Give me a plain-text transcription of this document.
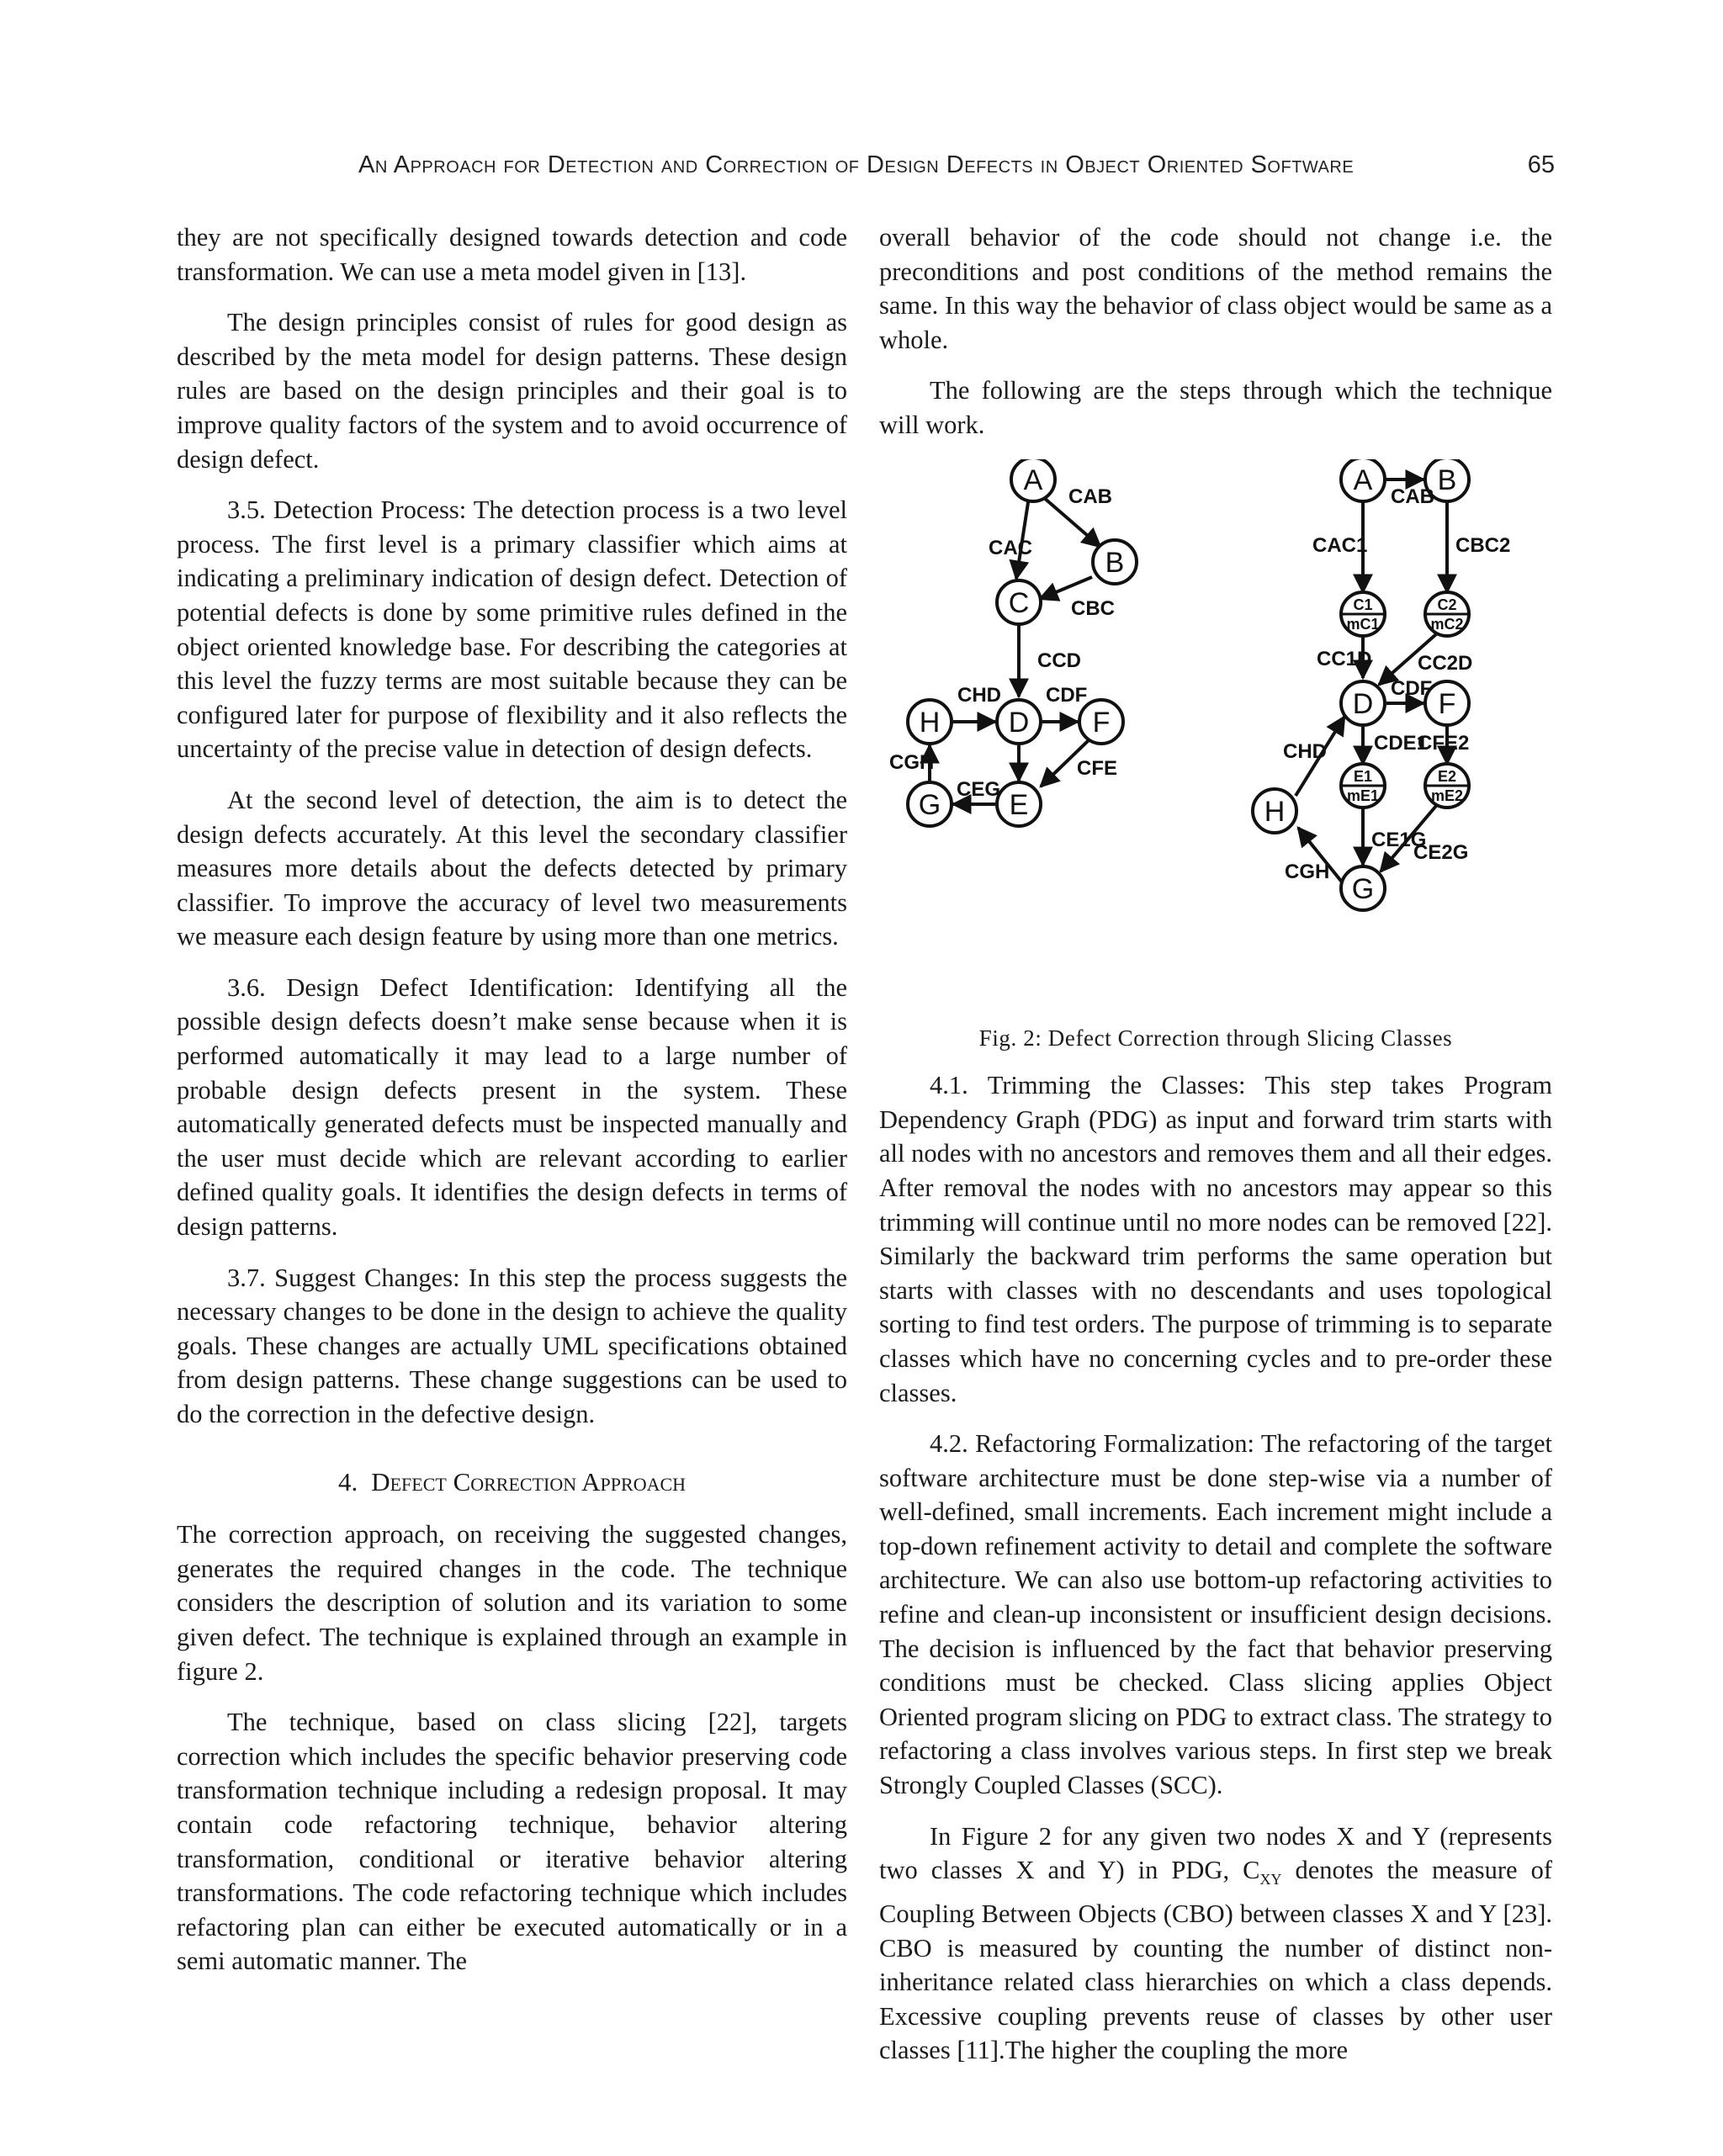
An Approach for Detection and Correction of Design Defects in Object Oriented Software	65

they are not specifically designed towards detection and code transformation. We can use a meta model given in [13].

The design principles consist of rules for good design as described by the meta model for design patterns. These design rules are based on the design principles and their goal is to improve quality factors of the system and to avoid occurrence of design defect.

3.5. Detection Process: The detection process is a two level process. The first level is a primary classifier which aims at indicating a preliminary indication of design defect. Detection of potential defects is done by some primitive rules defined in the object oriented knowledge base. For describing the categories at this level the fuzzy terms are most suitable because they can be configured later for purpose of flexibility and it also reflects the uncertainty of the precise value in detection of design defects.

At the second level of detection, the aim is to detect the design defects accurately. At this level the secondary classifier measures more details about the defects detected by primary classifier. To improve the accuracy of level two measurements we measure each design feature by using more than one metrics.

3.6. Design Defect Identification: Identifying all the possible design defects doesn’t make sense because when it is performed automatically it may lead to a large number of probable design defects present in the system. These automatically generated defects must be inspected manually and the user must decide which are relevant according to earlier defined quality goals. It identifies the design defects in terms of design patterns.

3.7. Suggest Changes: In this step the process suggests the necessary changes to be done in the design to achieve the quality goals. These changes are actually UML specifications obtained from design patterns. These change suggestions can be used to do the correction in the defective design.

4. Defect Correction Approach

The correction approach, on receiving the suggested changes, generates the required changes in the code. The technique considers the description of solution and its variation to some given defect. The technique is explained through an example in figure 2.

The technique, based on class slicing [22], targets correction which includes the specific behavior preserving code transformation technique including a redesign proposal. It may contain code refactoring technique, behavior altering transformation, conditional or iterative behavior altering transformations. The code refactoring technique which includes refactoring plan can either be executed automatically or in a semi automatic manner. The

overall behavior of the code should not change i.e. the preconditions and post conditions of the method remains the same. In this way the behavior of class object would be same as a whole.

The following are the steps through which the technique will work.

A
B
C
D
E
F
G
H
CAB
CAC
CBC
CCD
CHD CDF
CFE
CGH
CEG
A B
D F
H
G
C1
mC1
C2
mC2
E1
mE1
E2
mE2
CAB
CAC1	CBC2
CC1D CC2D
CDF
CHD CDE1
CFE2
CE1G
CE2G
CGH
Fig. 2: Defect Correction through Slicing Classes

4.1. Trimming the Classes: This step takes Program Dependency Graph (PDG) as input and forward trim starts with all nodes with no ancestors and removes them and all their edges. After removal the nodes with no ancestors may appear so this trimming will continue until no more nodes can be removed [22]. Similarly the backward trim performs the same operation but starts with classes with no descendants and uses topological sorting to find test orders. The purpose of trimming is to separate classes which have no concerning cycles and to pre-order these classes.

4.2. Refactoring Formalization: The refactoring of the target software architecture must be done step-wise via a number of well-defined, small increments. Each increment might include a top-down refinement activity to detail and complete the software architecture. We can also use bottom-up refactoring activities to refine and clean-up inconsistent or insufficient design decisions. The decision is influenced by the fact that behavior preserving conditions must be checked. Class slicing applies Object Oriented program slicing on PDG to extract class. The strategy to refactoring a class involves various steps. In first step we break Strongly Coupled Classes (SCC).

In Figure 2 for any given two nodes X and Y (represents two classes X and Y) in PDG, $C_{XY}$ denotes the measure of Coupling Between Objects (CBO) between classes X and Y [23]. CBO is measured by counting the number of distinct non- inheritance related class hierarchies on which a class depends. Excessive coupling prevents reuse of classes by other user classes [11].The higher the coupling the more
